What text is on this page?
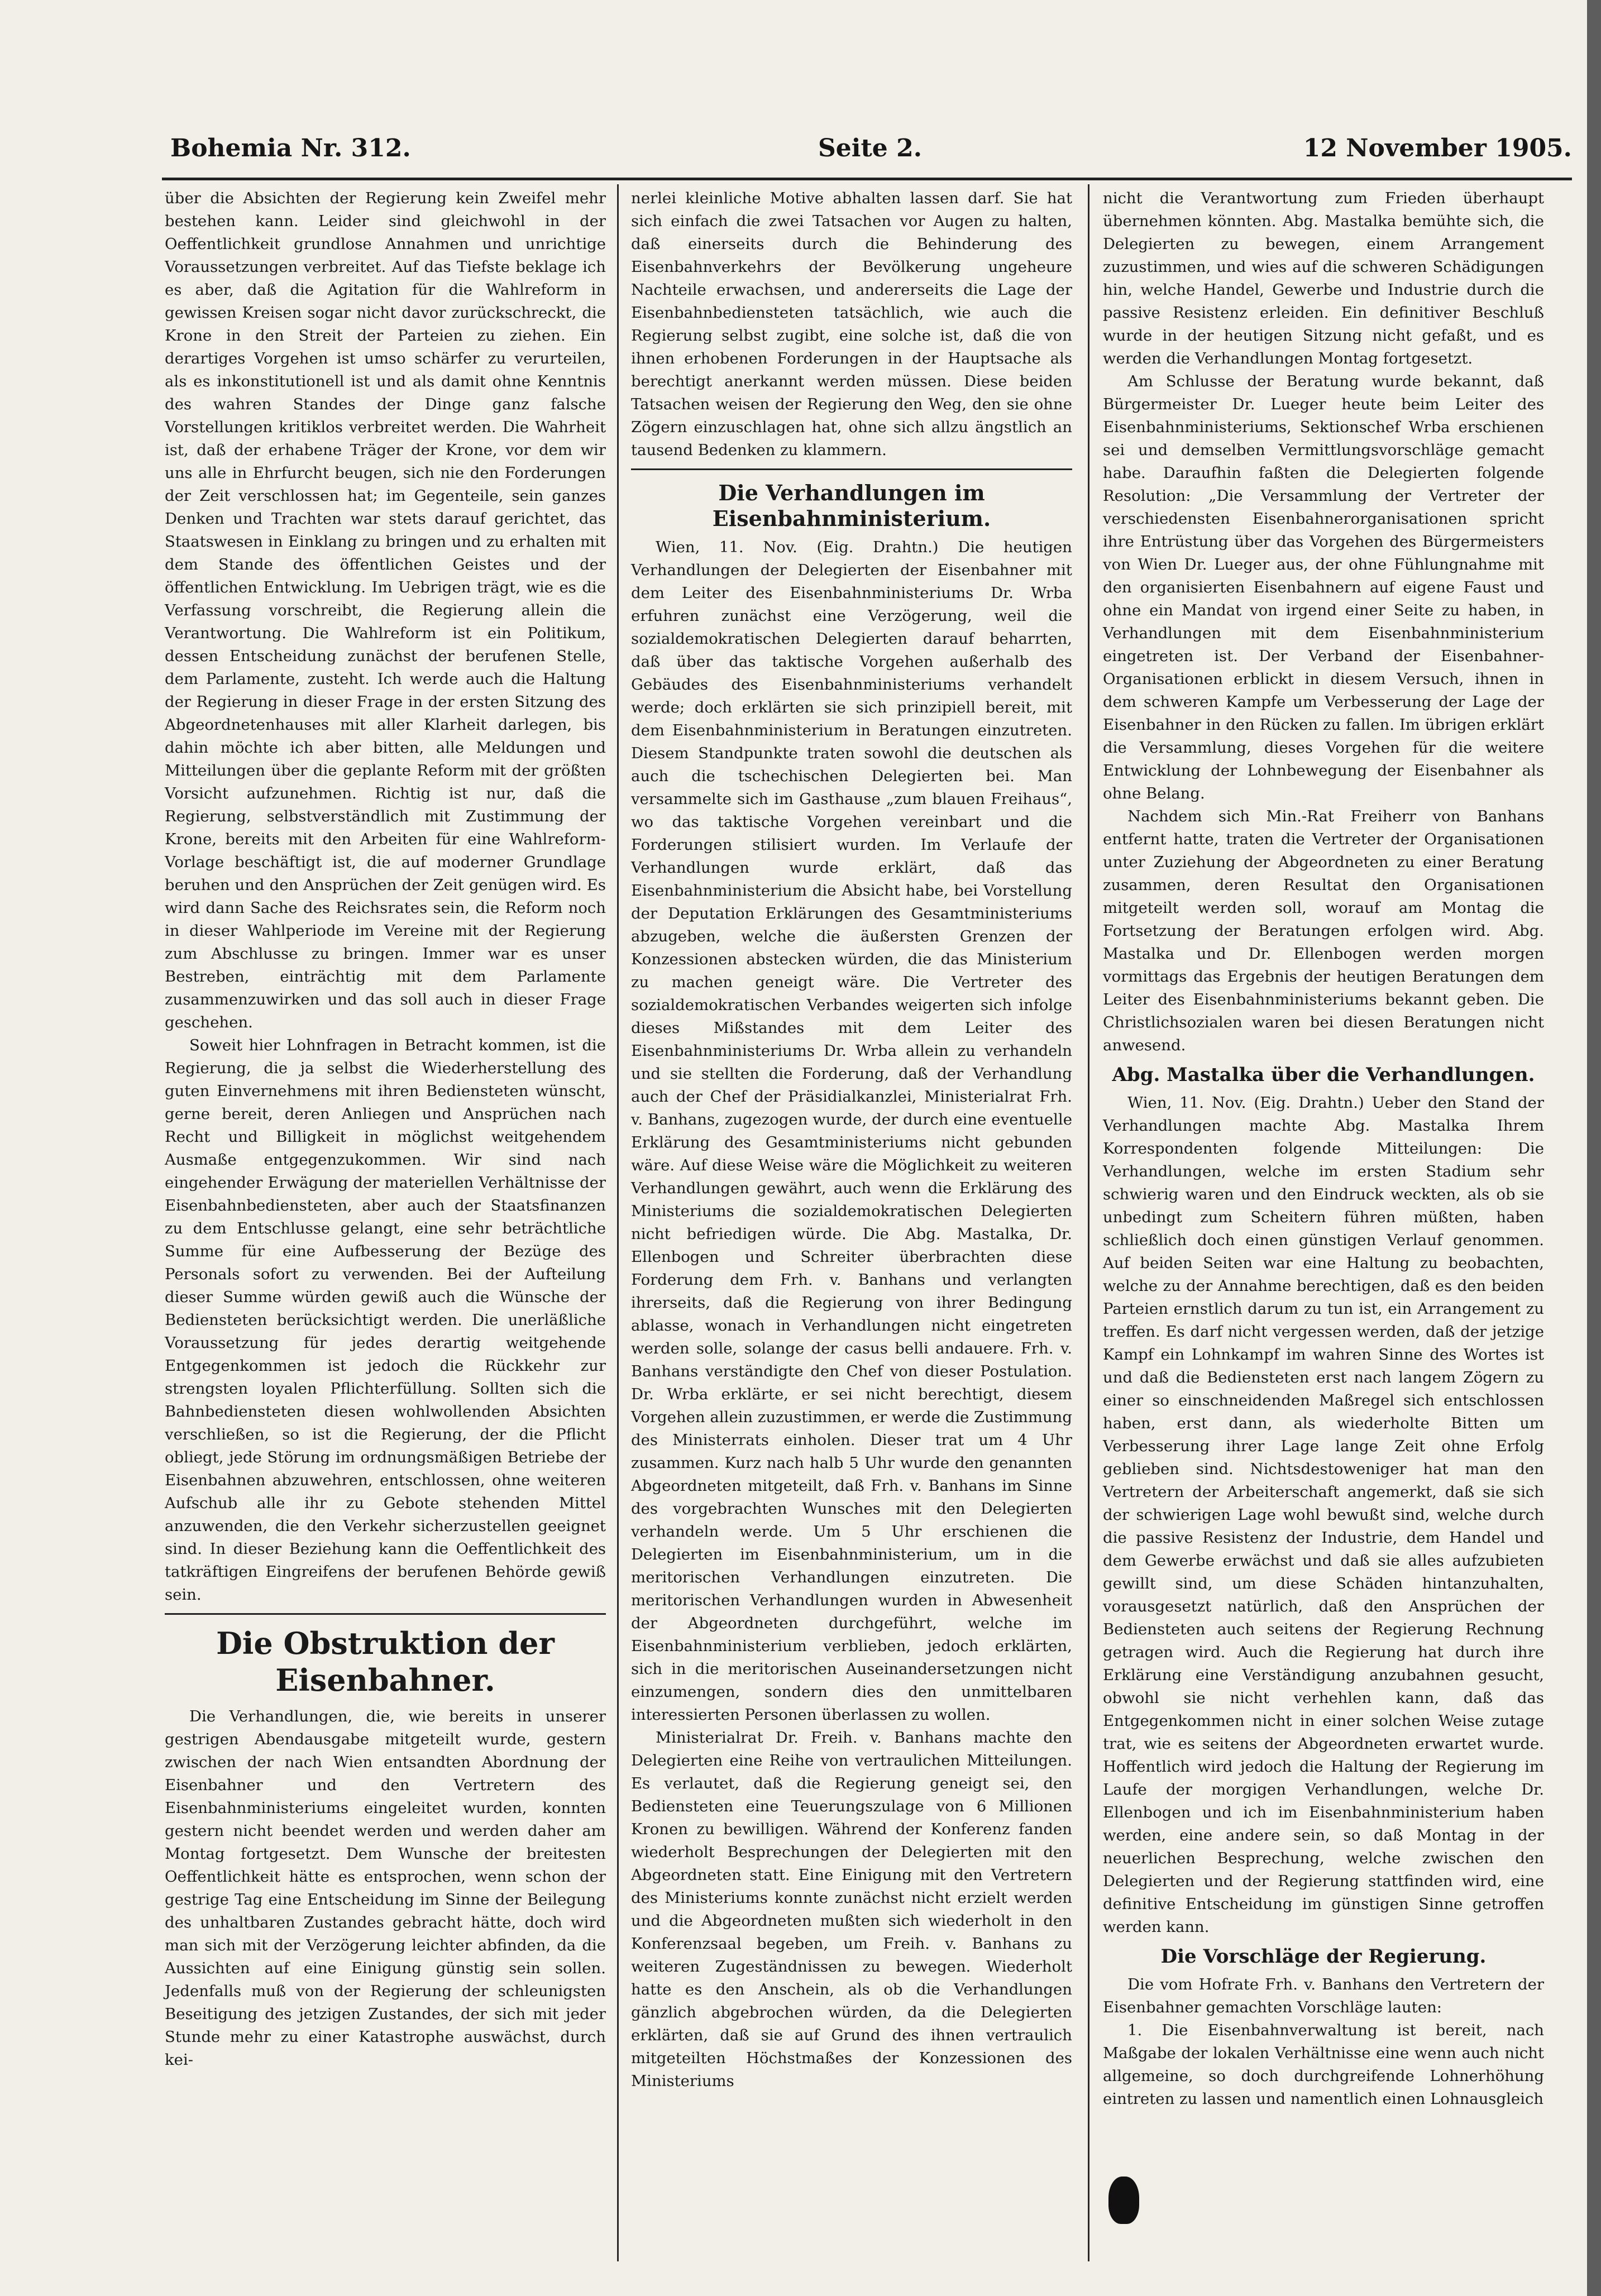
Bohemia Nr. 312.	Seite 2.	12 November 1905.

über die Absichten der Regierung kein Zweifel mehr bestehen kann. Leider sind gleichwohl in der Oeffentlichkeit grundlose Annahmen und unrichtige Voraussetzungen verbreitet. Auf das Tiefste beklage ich es aber, daß die Agitation für die Wahlreform in gewissen Kreisen sogar nicht davor zurückschreckt, die Krone in den Streit der Parteien zu ziehen. Ein derartiges Vorgehen ist umso schärfer zu verurteilen, als es inkonstitutionell ist und als damit ohne Kenntnis des wahren Standes der Dinge ganz falsche Vorstellungen kritiklos verbreitet werden. Die Wahrheit ist, daß der erhabene Träger der Krone, vor dem wir uns alle in Ehrfurcht beugen, sich nie den Forderungen der Zeit verschlossen hat; im Gegenteile, sein ganzes Denken und Trachten war stets darauf gerichtet, das Staatswesen in Einklang zu bringen und zu erhalten mit dem Stande des öffentlichen Geistes und der öffentlichen Entwicklung. Im Uebrigen trägt, wie es die Verfassung vorschreibt, die Regierung allein die Verantwortung. Die Wahlreform ist ein Politikum, dessen Entscheidung zunächst der berufenen Stelle, dem Parlamente, zusteht. Ich werde auch die Haltung der Regierung in dieser Frage in der ersten Sitzung des Abgeordnetenhauses mit aller Klarheit darlegen, bis dahin möchte ich aber bitten, alle Meldungen und Mitteilungen über die geplante Reform mit der größten Vorsicht aufzunehmen. Richtig ist nur, daß die Regierung, selbstverständlich mit Zustimmung der Krone, bereits mit den Arbeiten für eine Wahlreform-Vorlage beschäftigt ist, die auf moderner Grundlage beruhen und den Ansprüchen der Zeit genügen wird. Es wird dann Sache des Reichsrates sein, die Reform noch in dieser Wahlperiode im Vereine mit der Regierung zum Abschlusse zu bringen. Immer war es unser Bestreben, einträchtig mit dem Parlamente zusammenzuwirken und das soll auch in dieser Frage geschehen.

Soweit hier Lohnfragen in Betracht kommen, ist die Regierung, die ja selbst die Wiederherstellung des guten Einvernehmens mit ihren Bediensteten wünscht, gerne bereit, deren Anliegen und Ansprüchen nach Recht und Billigkeit in möglichst weitgehendem Ausmaße entgegenzukommen. Wir sind nach eingehender Erwägung der materiellen Verhältnisse der Eisenbahnbediensteten, aber auch der Staatsfinanzen zu dem Entschlusse gelangt, eine sehr beträchtliche Summe für eine Aufbesserung der Bezüge des Personals sofort zu verwenden. Bei der Aufteilung dieser Summe würden gewiß auch die Wünsche der Bediensteten berücksichtigt werden. Die unerläßliche Voraussetzung für jedes derartig weitgehende Entgegenkommen ist jedoch die Rückkehr zur strengsten loyalen Pflichterfüllung. Sollten sich die Bahnbediensteten diesen wohlwollenden Absichten verschließen, so ist die Regierung, der die Pflicht obliegt, jede Störung im ordnungsmäßigen Betriebe der Eisenbahnen abzuwehren, entschlossen, ohne weiteren Aufschub alle ihr zu Gebote stehenden Mittel anzuwenden, die den Verkehr sicherzustellen geeignet sind. In dieser Beziehung kann die Oeffentlichkeit des tatkräftigen Eingreifens der berufenen Behörde gewiß sein.

Die Obstruktion der Eisenbahner.

Die Verhandlungen, die, wie bereits in unserer gestrigen Abendausgabe mitgeteilt wurde, gestern zwischen der nach Wien entsandten Abordnung der Eisenbahner und den Vertretern des Eisenbahnministeriums eingeleitet wurden, konnten gestern nicht beendet werden und werden daher am Montag fortgesetzt. Dem Wunsche der breitesten Oeffentlichkeit hätte es entsprochen, wenn schon der gestrige Tag eine Entscheidung im Sinne der Beilegung des unhaltbaren Zustandes gebracht hätte, doch wird man sich mit der Verzögerung leichter abfinden, da die Aussichten auf eine Einigung günstig sein sollen. Jedenfalls muß von der Regierung der schleunigsten Beseitigung des jetzigen Zustandes, der sich mit jeder Stunde mehr zu einer Katastrophe auswächst, durch kei-

nerlei kleinliche Motive abhalten lassen darf. Sie hat sich einfach die zwei Tatsachen vor Augen zu halten, daß einerseits durch die Behinderung des Eisenbahnverkehrs der Bevölkerung ungeheure Nachteile erwachsen, und andererseits die Lage der Eisenbahnbediensteten tatsächlich, wie auch die Regierung selbst zugibt, eine solche ist, daß die von ihnen erhobenen Forderungen in der Hauptsache als berechtigt anerkannt werden müssen. Diese beiden Tatsachen weisen der Regierung den Weg, den sie ohne Zögern einzuschlagen hat, ohne sich allzu ängstlich an tausend Bedenken zu klammern.

Die Verhandlungen im Eisenbahnministerium.

Wien, 11. Nov. (Eig. Drahtn.) Die heutigen Verhandlungen der Delegierten der Eisenbahner mit dem Leiter des Eisenbahnministeriums Dr. Wrba erfuhren zunächst eine Verzögerung, weil die sozialdemokratischen Delegierten darauf beharrten, daß über das taktische Vorgehen außerhalb des Gebäudes des Eisenbahnministeriums verhandelt werde; doch erklärten sie sich prinzipiell bereit, mit dem Eisenbahnministerium in Beratungen einzutreten. Diesem Standpunkte traten sowohl die deutschen als auch die tschechischen Delegierten bei. Man versammelte sich im Gasthause „zum blauen Freihaus“, wo das taktische Vorgehen vereinbart und die Forderungen stilisiert wurden. Im Verlaufe der Verhandlungen wurde erklärt, daß das Eisenbahnministerium die Absicht habe, bei Vorstellung der Deputation Erklärungen des Gesamtministeriums abzugeben, welche die äußersten Grenzen der Konzessionen abstecken würden, die das Ministerium zu machen geneigt wäre. Die Vertreter des sozialdemokratischen Verbandes weigerten sich infolge dieses Mißstandes mit dem Leiter des Eisenbahnministeriums Dr. Wrba allein zu verhandeln und sie stellten die Forderung, daß der Verhandlung auch der Chef der Präsidialkanzlei, Ministerialrat Frh. v. Banhans, zugezogen wurde, der durch eine eventuelle Erklärung des Gesamtministeriums nicht gebunden wäre. Auf diese Weise wäre die Möglichkeit zu weiteren Verhandlungen gewährt, auch wenn die Erklärung des Ministeriums die sozialdemokratischen Delegierten nicht befriedigen würde. Die Abg. Mastalka, Dr. Ellenbogen und Schreiter überbrachten diese Forderung dem Frh. v. Banhans und verlangten ihrerseits, daß die Regierung von ihrer Bedingung ablasse, wonach in Verhandlungen nicht eingetreten werden solle, solange der casus belli andauere. Frh. v. Banhans verständigte den Chef von dieser Postulation. Dr. Wrba erklärte, er sei nicht berechtigt, diesem Vorgehen allein zuzustimmen, er werde die Zustimmung des Ministerrats einholen. Dieser trat um 4 Uhr zusammen. Kurz nach halb 5 Uhr wurde den genannten Abgeordneten mitgeteilt, daß Frh. v. Banhans im Sinne des vorgebrachten Wunsches mit den Delegierten verhandeln werde. Um 5 Uhr erschienen die Delegierten im Eisenbahnministerium, um in die meritorischen Verhandlungen einzutreten. Die meritorischen Verhandlungen wurden in Abwesenheit der Abgeordneten durchgeführt, welche im Eisenbahnministerium verblieben, jedoch erklärten, sich in die meritorischen Auseinandersetzungen nicht einzumengen, sondern dies den unmittelbaren interessierten Personen überlassen zu wollen.

Ministerialrat Dr. Freih. v. Banhans machte den Delegierten eine Reihe von vertraulichen Mitteilungen. Es verlautet, daß die Regierung geneigt sei, den Bediensteten eine Teuerungszulage von 6 Millionen Kronen zu bewilligen. Während der Konferenz fanden wiederholt Besprechungen der Delegierten mit den Abgeordneten statt. Eine Einigung mit den Vertretern des Ministeriums konnte zunächst nicht erzielt werden und die Abgeordneten mußten sich wiederholt in den Konferenzsaal begeben, um Freih. v. Banhans zu weiteren Zugeständnissen zu bewegen. Wiederholt hatte es den Anschein, als ob die Verhandlungen gänzlich abgebrochen würden, da die Delegierten erklärten, daß sie auf Grund des ihnen vertraulich mitgeteilten Höchstmaßes der Konzessionen des Ministeriums

nicht die Verantwortung zum Frieden überhaupt übernehmen könnten. Abg. Mastalka bemühte sich, die Delegierten zu bewegen, einem Arrangement zuzustimmen, und wies auf die schweren Schädigungen hin, welche Handel, Gewerbe und Industrie durch die passive Resistenz erleiden. Ein definitiver Beschluß wurde in der heutigen Sitzung nicht gefaßt, und es werden die Verhandlungen Montag fortgesetzt.

Am Schlusse der Beratung wurde bekannt, daß Bürgermeister Dr. Lueger heute beim Leiter des Eisenbahnministeriums, Sektionschef Wrba erschienen sei und demselben Vermittlungsvorschläge gemacht habe. Daraufhin faßten die Delegierten folgende Resolution: „Die Versammlung der Vertreter der verschiedensten Eisenbahnerorganisationen spricht ihre Entrüstung über das Vorgehen des Bürgermeisters von Wien Dr. Lueger aus, der ohne Fühlungnahme mit den organisierten Eisenbahnern auf eigene Faust und ohne ein Mandat von irgend einer Seite zu haben, in Verhandlungen mit dem Eisenbahnministerium eingetreten ist. Der Verband der Eisenbahner-Organisationen erblickt in diesem Versuch, ihnen in dem schweren Kampfe um Verbesserung der Lage der Eisenbahner in den Rücken zu fallen. Im übrigen erklärt die Versammlung, dieses Vorgehen für die weitere Entwicklung der Lohnbewegung der Eisenbahner als ohne Belang.

Nachdem sich Min.-Rat Freiherr von Banhans entfernt hatte, traten die Vertreter der Organisationen unter Zuziehung der Abgeordneten zu einer Beratung zusammen, deren Resultat den Organisationen mitgeteilt werden soll, worauf am Montag die Fortsetzung der Beratungen erfolgen wird. Abg. Mastalka und Dr. Ellenbogen werden morgen vormittags das Ergebnis der heutigen Beratungen dem Leiter des Eisenbahnministeriums bekannt geben. Die Christlichsozialen waren bei diesen Beratungen nicht anwesend.

Abg. Mastalka über die Verhandlungen.

Wien, 11. Nov. (Eig. Drahtn.) Ueber den Stand der Verhandlungen machte Abg. Mastalka Ihrem Korrespondenten folgende Mitteilungen: Die Verhandlungen, welche im ersten Stadium sehr schwierig waren und den Eindruck weckten, als ob sie unbedingt zum Scheitern führen müßten, haben schließlich doch einen günstigen Verlauf genommen. Auf beiden Seiten war eine Haltung zu beobachten, welche zu der Annahme berechtigen, daß es den beiden Parteien ernstlich darum zu tun ist, ein Arrangement zu treffen. Es darf nicht vergessen werden, daß der jetzige Kampf ein Lohnkampf im wahren Sinne des Wortes ist und daß die Bediensteten erst nach langem Zögern zu einer so einschneidenden Maßregel sich entschlossen haben, erst dann, als wiederholte Bitten um Verbesserung ihrer Lage lange Zeit ohne Erfolg geblieben sind. Nichtsdestoweniger hat man den Vertretern der Arbeiterschaft angemerkt, daß sie sich der schwierigen Lage wohl bewußt sind, welche durch die passive Resistenz der Industrie, dem Handel und dem Gewerbe erwächst und daß sie alles aufzubieten gewillt sind, um diese Schäden hintanzuhalten, vorausgesetzt natürlich, daß den Ansprüchen der Bediensteten auch seitens der Regierung Rechnung getragen wird. Auch die Regierung hat durch ihre Erklärung eine Verständigung anzubahnen gesucht, obwohl sie nicht verhehlen kann, daß das Entgegenkommen nicht in einer solchen Weise zutage trat, wie es seitens der Abgeordneten erwartet wurde. Hoffentlich wird jedoch die Haltung der Regierung im Laufe der morgigen Verhandlungen, welche Dr. Ellenbogen und ich im Eisenbahnministerium haben werden, eine andere sein, so daß Montag in der neuerlichen Besprechung, welche zwischen den Delegierten und der Regierung stattfinden wird, eine definitive Entscheidung im günstigen Sinne getroffen werden kann.

Die Vorschläge der Regierung.

Die vom Hofrate Frh. v. Banhans den Vertretern der Eisenbahner gemachten Vorschläge lauten:

1. Die Eisenbahnverwaltung ist bereit, nach Maßgabe der lokalen Verhältnisse eine wenn auch nicht allgemeine, so doch durchgreifende Lohnerhöhung eintreten zu lassen und namentlich einen Lohnausgleich
